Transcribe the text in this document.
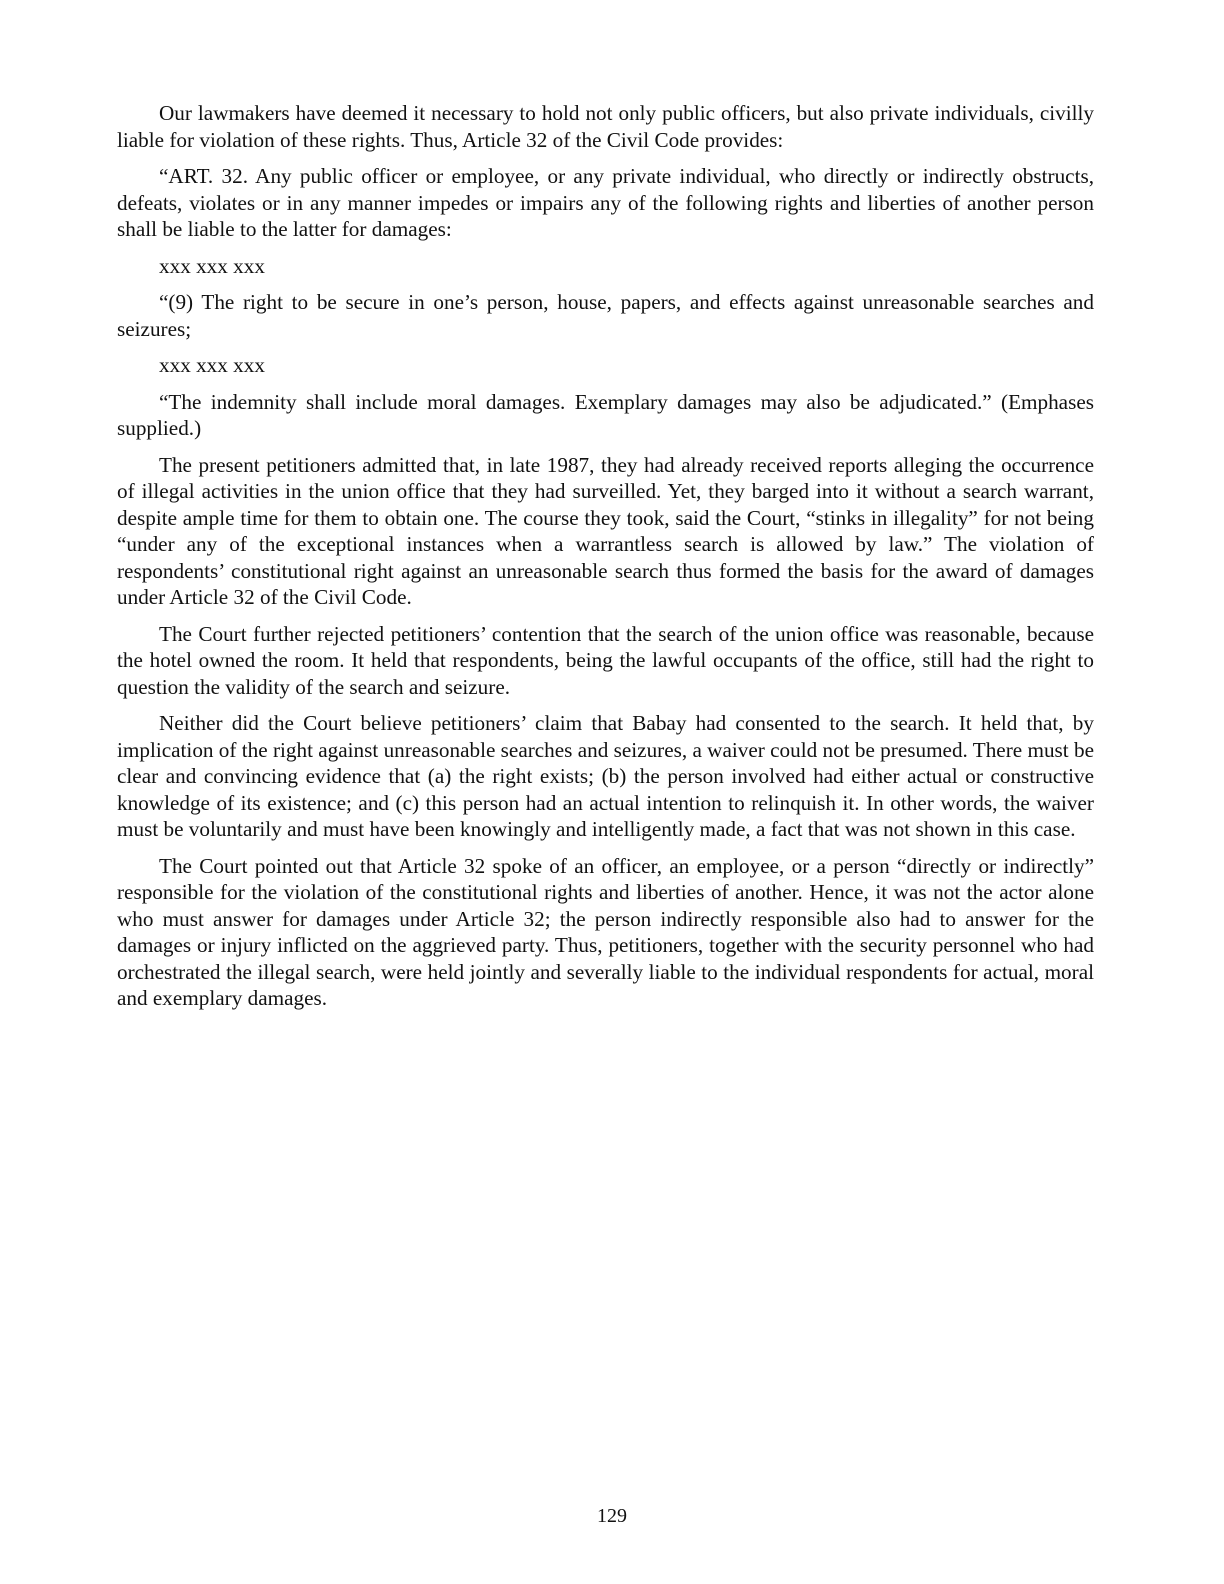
Our lawmakers have deemed it necessary to hold not only public officers, but also private individuals, civilly liable for violation of these rights. Thus, Article 32 of the Civil Code provides:

“ART. 32. Any public officer or employee, or any private individual, who directly or indirectly obstructs, defeats, violates or in any manner impedes or impairs any of the following rights and liberties of another person shall be liable to the latter for damages:

xxx xxx xxx

“(9) The right to be secure in one’s person, house, papers, and effects against unreasonable searches and seizures;

xxx xxx xxx

“The indemnity shall include moral damages. Exemplary damages may also be adjudicated.” (Emphases supplied.)

The present petitioners admitted that, in late 1987, they had already received reports alleging the occurrence of illegal activities in the union office that they had surveilled. Yet, they barged into it without a search warrant, despite ample time for them to obtain one. The course they took, said the Court, “stinks in illegality” for not being “under any of the exceptional instances when a warrantless search is allowed by law.” The violation of respondents’ constitutional right against an unreasonable search thus formed the basis for the award of damages under Article 32 of the Civil Code.

The Court further rejected petitioners’ contention that the search of the union office was reasonable, because the hotel owned the room. It held that respondents, being the lawful occupants of the office, still had the right to question the validity of the search and seizure.

Neither did the Court believe petitioners’ claim that Babay had consented to the search. It held that, by implication of the right against unreasonable searches and seizures, a waiver could not be presumed. There must be clear and convincing evidence that (a) the right exists; (b) the person involved had either actual or constructive knowledge of its existence; and (c) this person had an actual intention to relinquish it. In other words, the waiver must be voluntarily and must have been knowingly and intelligently made, a fact that was not shown in this case.

The Court pointed out that Article 32 spoke of an officer, an employee, or a person “directly or indirectly” responsible for the violation of the constitutional rights and liberties of another. Hence, it was not the actor alone who must answer for damages under Article 32; the person indirectly responsible also had to answer for the damages or injury inflicted on the aggrieved party. Thus, petitioners, together with the security personnel who had orchestrated the illegal search, were held jointly and severally liable to the individual respondents for actual, moral and exemplary damages.

129
